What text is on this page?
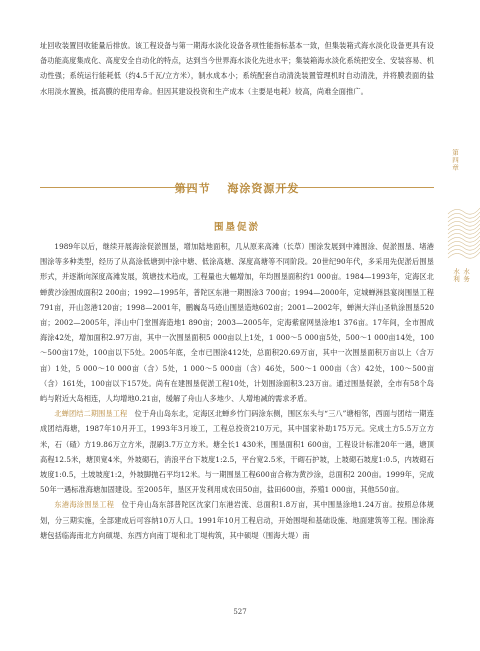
址回收装置回收能量后排放。该工程设备与第一期海水淡化设备各项性能指标基本一致，但集装箱式海水淡化设备更具有设备功能高度集成化、高度安全自动化的特点，达到当今世界海水淡化先进水平；集装箱海水淡化系统把安全、安装容易、机动性强；系统运行能耗低（约4.5千瓦/立方米），制水成本小；系统配套自动清洗装置管理机时自动清洗，并将膜表面的盐水用淡水置换，抵高膜的使用寿命。但因其建设投资和生产成本（主要是电耗）较高，尚难全面推广。

第四节 海涂资源开发
围垦促淤

1989年以后，继续开展海涂促淤围垦，增加陆地面积，几从原来高滩（长草）围涂发展到中滩围涂、促淤围垦、堵港围涂等多种类型，经历了从高涂低塘到中涂中塘、低涂高塘、深度高塘等不同阶段。20世纪90年代，多采用先促淤后围垦形式，并逐渐向深度高滩发展，筑塘技术趋成，工程量也大幅增加，年均围垦面积约1 000亩。1984—1993年，定海区北蝉黄沙涂围成面积2 200亩；1992—1995年，普陀区东港一期围涂3 700亩；1994—2000年，定城蝉洲县宴岗围垦工程791亩，开山忽港120亩；1998—2001年，鹏巍岛马迹山围垦造地602亩；2001—2002年，蝉洲大洋山圣轨涂围垦520亩；2002—2005年，洋山中门堂围海造地1 890亩；2003—2005年，定海紫窟网垦涂地1 376亩。17年间，全市围成海涂42处，增加面积2.97万亩，其中一次围垦面积5 000亩以上1处，1 000～5 000亩5处，500～1 000亩14处，100～500亩17处，100亩以下5处。2005年底，全市已围涂412处，总面积20.69万亩，其中一次围垦面积万亩以上（含万亩）1处，5 000～10 000亩（含）5处，1 000～5 000亩（含）46处，500～1 000亩（含）42处，100～500亩（含）161处，100亩以下157处。尚有在建围垦促淤工程10处，计划围涂面积3.23万亩。通过围垦促淤，全市有58个岛屿与附近大岛相连，人均增地0.21亩，缓解了舟山人多地少、人增地减的需求矛盾。

北蝉团结二期围垦工程　 位于舟山岛东北，定海区北蝉乡竹门码涂东侧，围区东头与“三八”塘相邻，西面与团结一期连成团结海塘，1987年10月开工，1993年3月竣工，工程总投资210万元，其中国家补助175万元。完成土方5.5万立方米，石（碴）方19.86万立方米，混刷3.7万立方米。塘全长1 430米，围垦面积1 600亩，工程设计标准20年一遇，塘顶高程12.5米，塘顶宽4米，外坡砌石，消浪平台下坡度1:2.5，平台宽2.5米，干砌石护坡，上坡砌石坡度1:0.5，内坡砌石坡度1:0.5，土坡坡度1:2，外坡脚抛石平均12米。与一期围垦工程600亩合称为黄沙涂，总面积2 200亩。1999年，完成50年一遇标准海塘加固建设。至2005年，垦区开发利用成农田50亩，盐田600亩，养殖1 000亩，其他550亩。

东港海涂围垦工程　 位于舟山岛东部普陀区沈家门东港岩流、总面积1.8万亩，其中围垦涂地1.24万亩。按照总体规划，分三期实施，全部建成后可容纳10万人口。1991年10月工程启动，开始围堤和基础设施、地面建筑等工程。围涂海塘包括临海南北方向硕堤、东西方向南丁堤和北丁堤构筑，其中硕堤（围海大堤）南

527
第四章
水利 水务
